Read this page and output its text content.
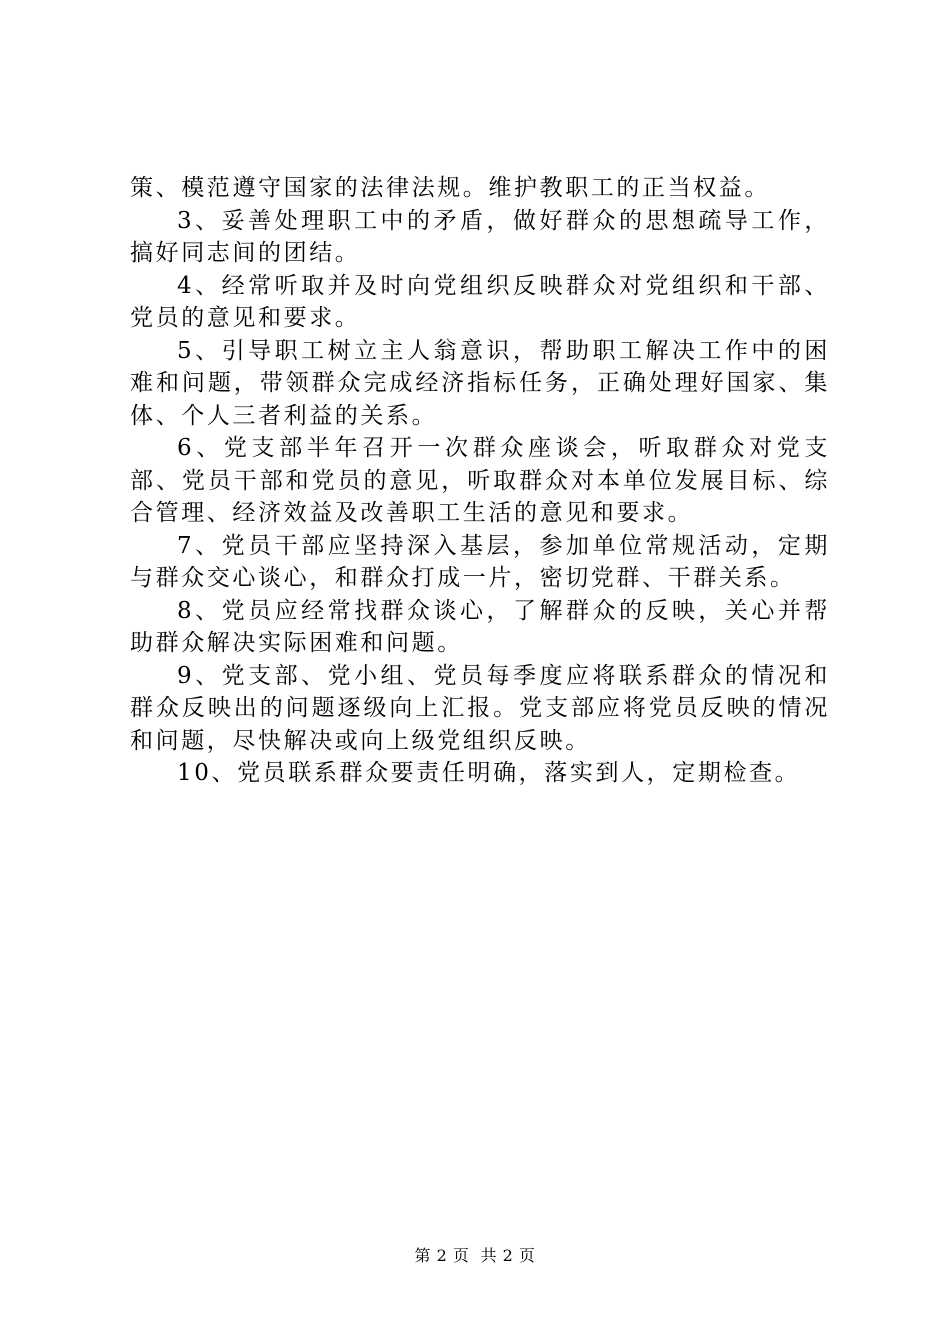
策、模范遵守国家的法律法规。维护教职工的正当权益。

3、妥善处理职工中的矛盾，做好群众的思想疏导工作，搞好同志间的团结。

4、经常听取并及时向党组织反映群众对党组织和干部、党员的意见和要求。

5、引导职工树立主人翁意识，帮助职工解决工作中的困难和问题，带领群众完成经济指标任务，正确处理好国家、集体、个人三者利益的关系。

6、党支部半年召开一次群众座谈会，听取群众对党支部、党员干部和党员的意见，听取群众对本单位发展目标、综合管理、经济效益及改善职工生活的意见和要求。

7、党员干部应坚持深入基层，参加单位常规活动，定期与群众交心谈心，和群众打成一片，密切党群、干群关系。

8、党员应经常找群众谈心，了解群众的反映，关心并帮助群众解决实际困难和问题。

9、党支部、党小组、党员每季度应将联系群众的情况和群众反映出的问题逐级向上汇报。党支部应将党员反映的情况和问题，尽快解决或向上级党组织反映。

10、党员联系群众要责任明确，落实到人，定期检查。

第 2 页  共 2 页
